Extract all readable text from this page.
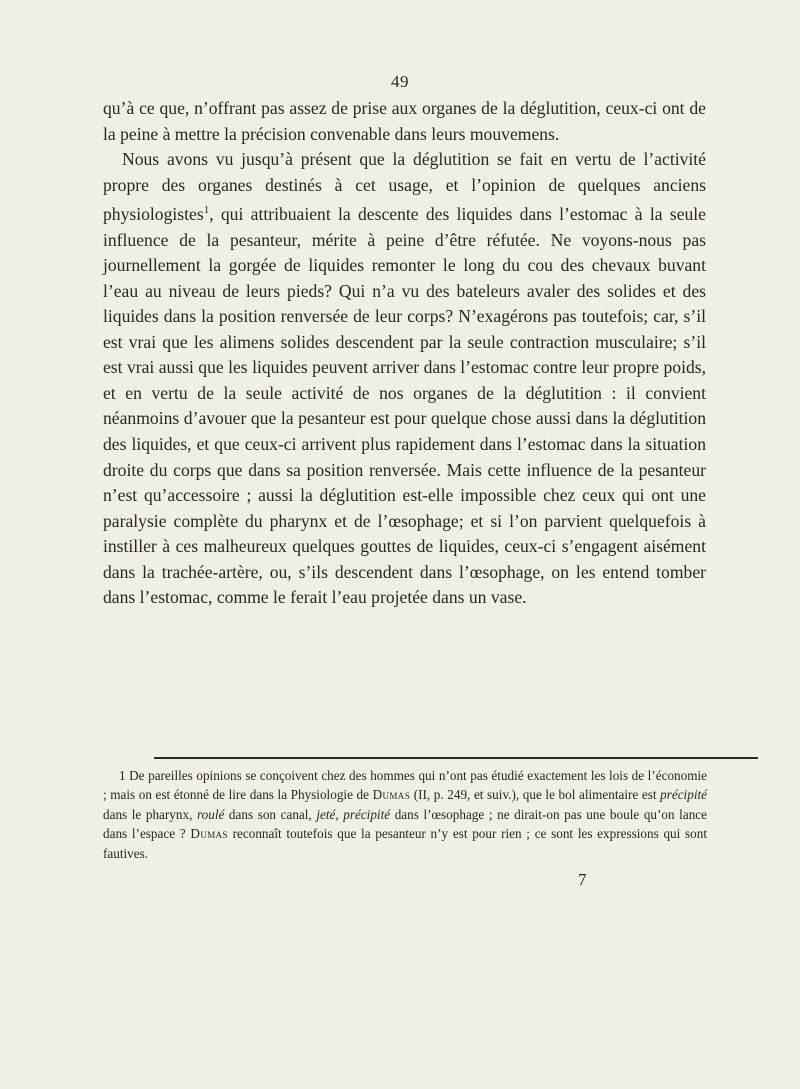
49

qu’à ce que, n’offrant pas assez de prise aux organes de la déglutition, ceux-ci ont de la peine à mettre la précision convenable dans leurs mouvemens.

Nous avons vu jusqu’à présent que la déglutition se fait en vertu de l’activité propre des organes destinés à cet usage, et l’opinion de quelques anciens physiologistes$^1$, qui attribuaient la descente des liquides dans l’estomac à la seule influence de la pesanteur, mérite à peine d’être réfutée. Ne voyons-nous pas journellement la gorgée de liquides remonter le long du cou des chevaux buvant l’eau au niveau de leurs pieds? Qui n’a vu des bateleurs avaler des solides et des liquides dans la position renversée de leur corps? N’exagérons pas toutefois; car, s’il est vrai que les alimens solides descendent par la seule contraction musculaire; s’il est vrai aussi que les liquides peuvent arriver dans l’estomac contre leur propre poids, et en vertu de la seule activité de nos organes de la déglutition : il convient néanmoins d’avouer que la pesanteur est pour quelque chose aussi dans la déglutition des liquides, et que ceux-ci arrivent plus rapidement dans l’estomac dans la situation droite du corps que dans sa position renversée. Mais cette influence de la pesanteur n’est qu’accessoire ; aussi la déglutition est-elle impossible chez ceux qui ont une paralysie complète du pharynx et de l’œsophage; et si l’on parvient quelquefois à instiller à ces malheureux quelques gouttes de liquides, ceux-ci s’engagent aisément dans la trachée-artère, ou, s’ils descendent dans l’œsophage, on les entend tomber dans l’estomac, comme le ferait l’eau projetée dans un vase.

1 De pareilles opinions se conçoivent chez des hommes qui n’ont pas étudié exactement les lois de l’économie ; mais on est étonné de lire dans la Physiologie de Dumas (II, p. 249, et suiv.), que le bol alimentaire est précipité dans le pharynx, roulé dans son canal, jeté, précipité dans l’œsophage ; ne dirait-on pas une boule qu’on lance dans l’espace ? Dumas reconnaît toutefois que la pesanteur n’y est pour rien ; ce sont les expressions qui sont fautives.
7
